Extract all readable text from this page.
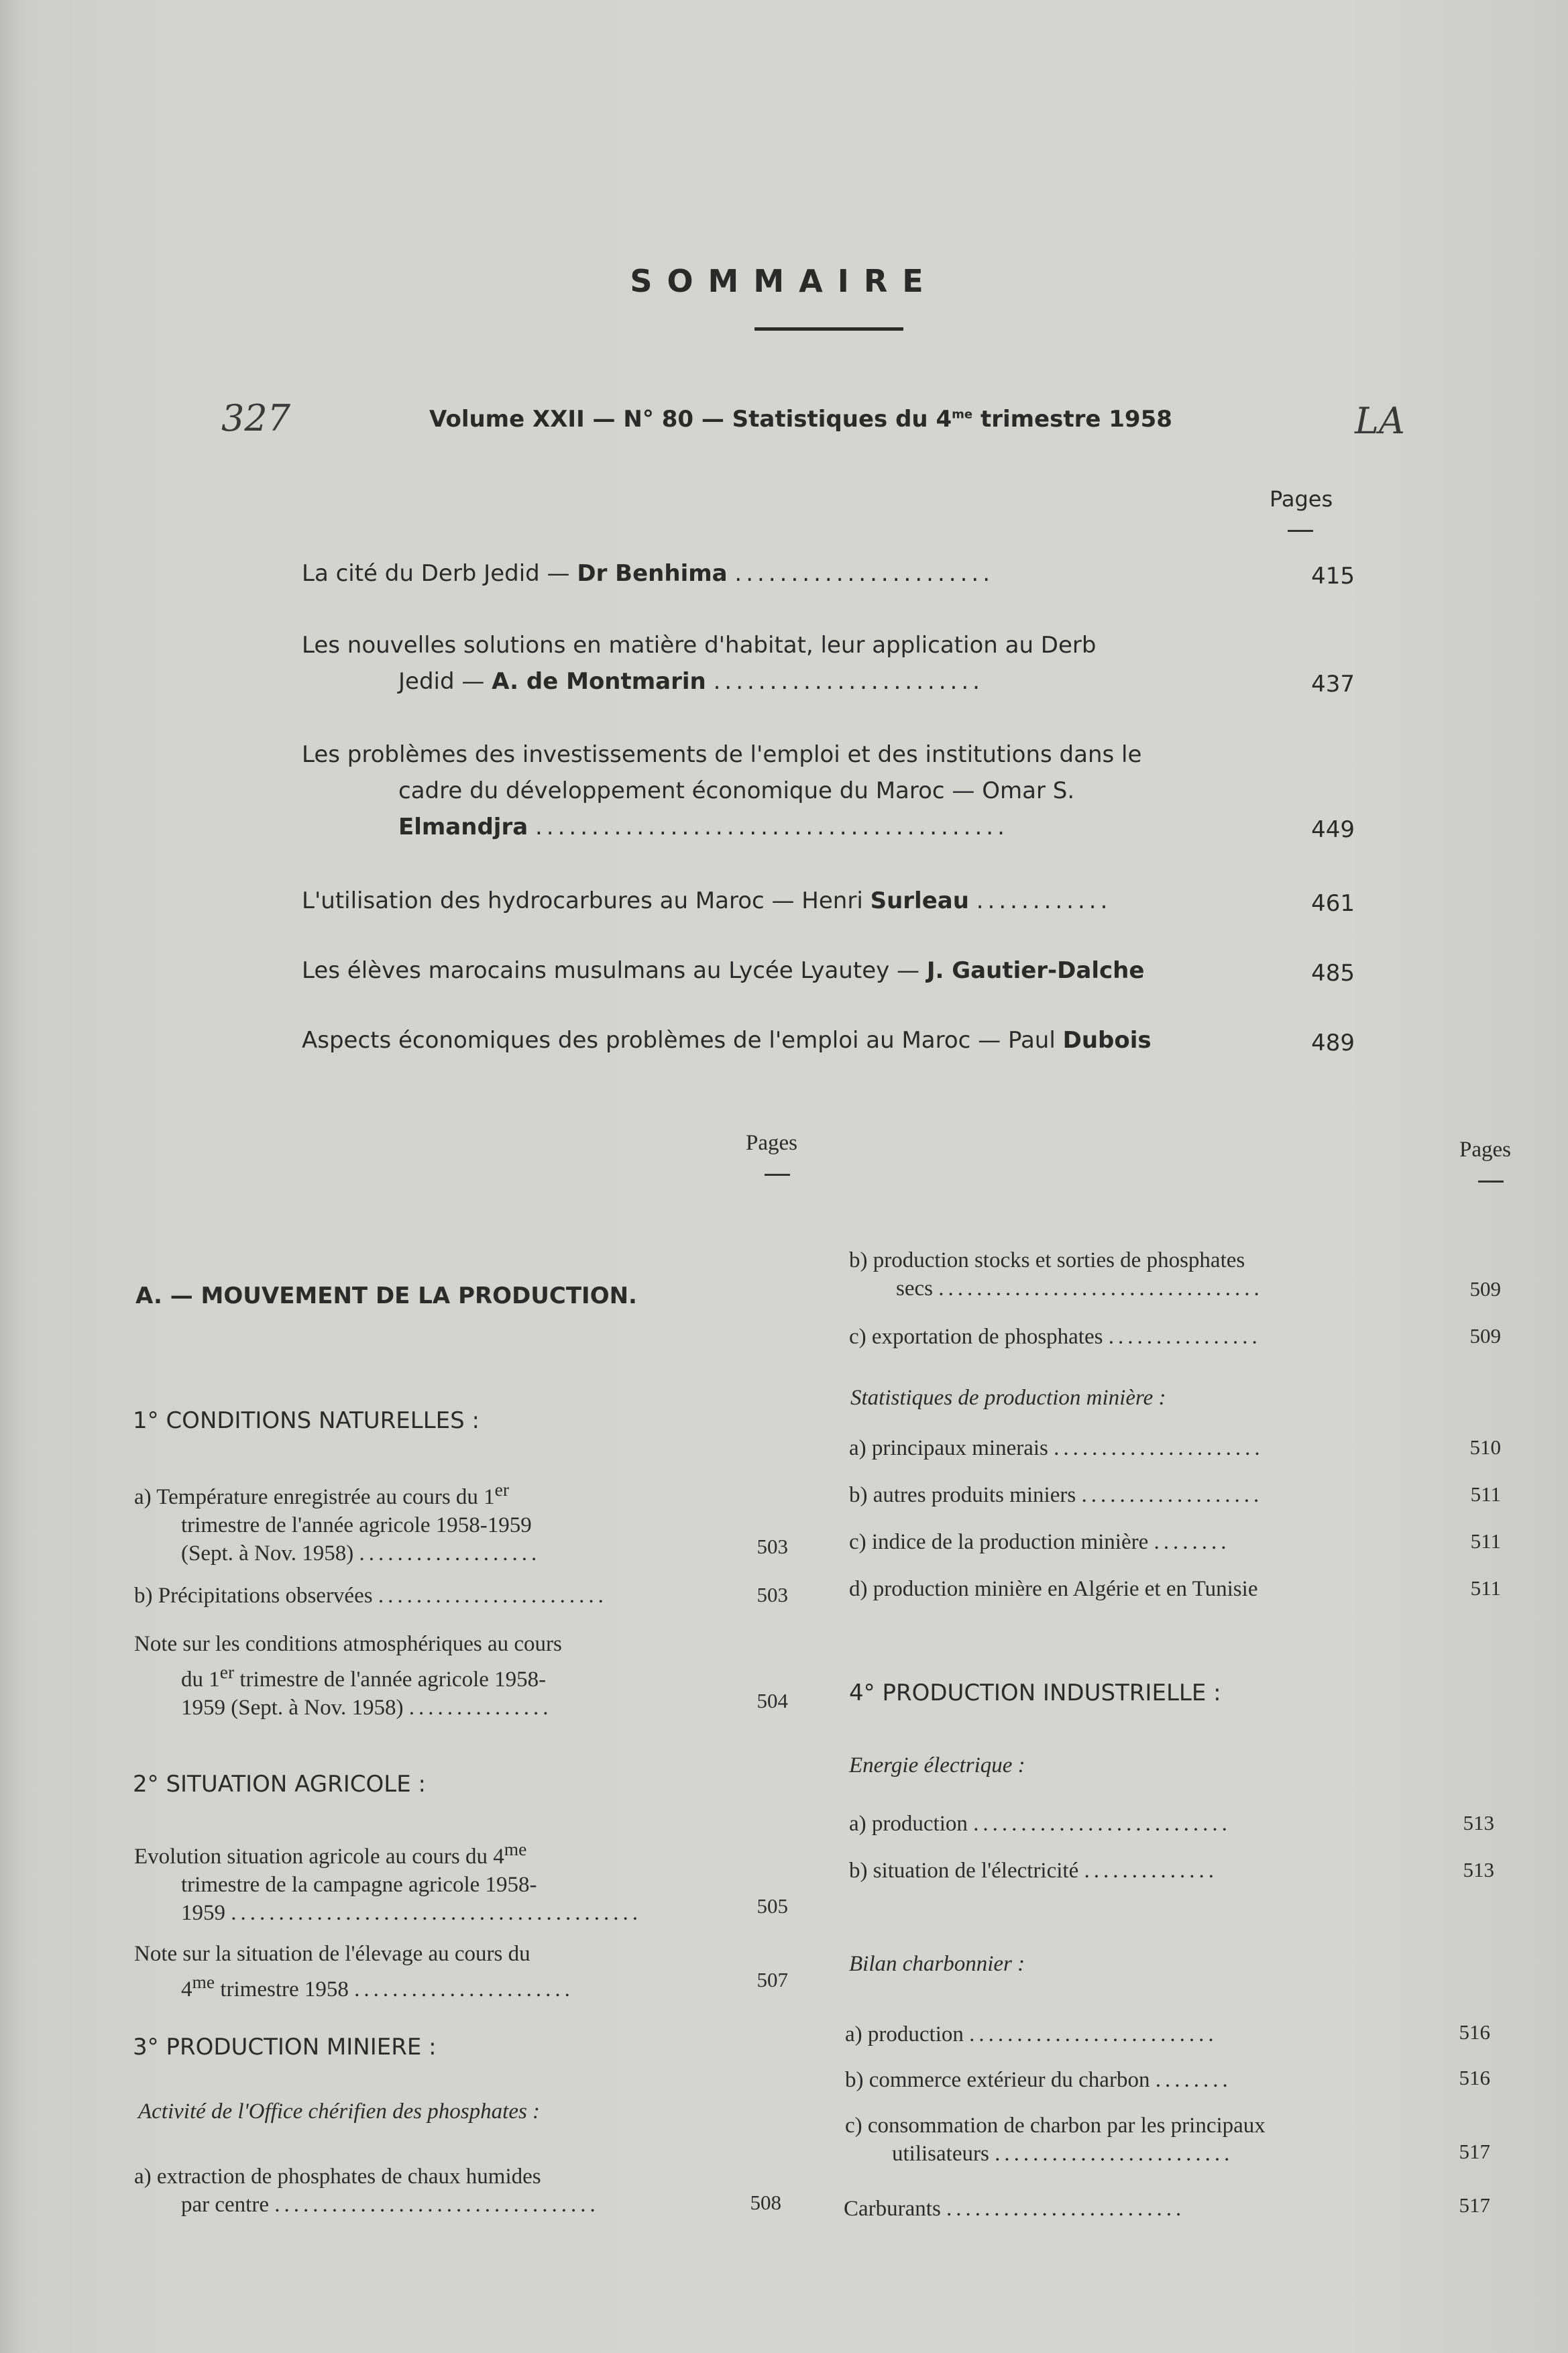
SOMMAIRE
327	LA
Volume XXII — N° 80 — Statistiques du $4^{me}$ trimestre 1958
Pages
La cité du Derb Jedid — Dr Benhima .......................	415
Les nouvelles solutions en matière d'habitat, leur application au Derb
Jedid — A. de Montmarin ........................	437
Les problèmes des investissements de l'emploi et des institutions dans le
cadre du développement économique du Maroc — Omar S.
Elmandjra ..........................................	449
L'utilisation des hydrocarbures au Maroc — Henri Surleau ............	461
Les élèves marocains musulmans au Lycée Lyautey — J. Gautier-Dalche	485
Aspects économiques des problèmes de l'emploi au Maroc — Paul Dubois	489
Pages	Pages
A. — MOUVEMENT DE LA PRODUCTION.
1° CONDITIONS NATURELLES :
a) Température enregistrée au cours du 1er
trimestre de l'année agricole 1958-1959
(Sept. à Nov. 1958) ...................	503
b) Précipitations observées ........................	503
Note sur les conditions atmosphériques au cours
du 1er trimestre de l'année agricole 1958-
1959 (Sept. à Nov. 1958) ...............	504
2° SITUATION AGRICOLE :
Evolution situation agricole au cours du $4^{me}$
trimestre de la campagne agricole 1958-
1959 ...........................................	505
Note sur la situation de l'élevage au cours du
$4^{me}$ trimestre 1958 .......................	507
3° PRODUCTION MINIERE :
Activité de l'Office chérifien des phosphates :
a) extraction de phosphates de chaux humides
par centre ..................................	508
b) production stocks et sorties de phosphates
secs ..................................	509
c) exportation de phosphates ................	509
Statistiques de production minière :
a) principaux minerais ......................	510
b) autres produits miniers ...................	511
c) indice de la production minière ........	511
d) production minière en Algérie et en Tunisie	511
4° PRODUCTION INDUSTRIELLE :
Energie électrique :
a) production ...........................	513
b) situation de l'électricité ..............	513
Bilan charbonnier :
a) production ..........................	516
b) commerce extérieur du charbon ........	516
c) consommation de charbon par les principaux
utilisateurs .........................	517
Carburants .........................	517
